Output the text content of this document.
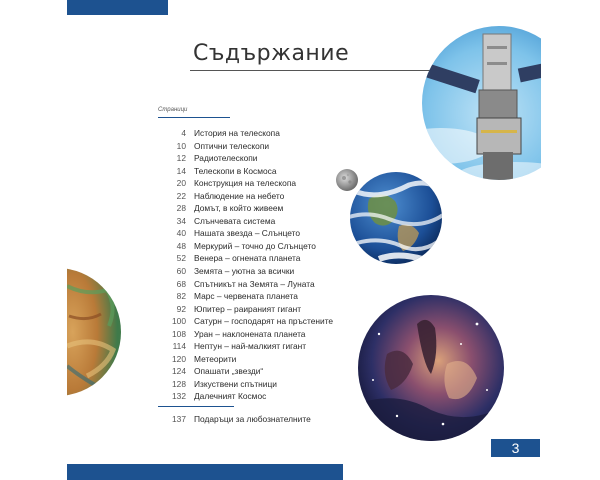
3
Съдържание
Страници
4 История на телескопа
10 Оптични телескопи
12 Радиотелескопи
14 Телескопи в Космоса
20 Конструкция на телескопа
22 Наблюдение на небето
28 Домът, в който живеем
34 Слънчевата система
40 Нашата звезда – Слънцето
48 Меркурий – точно до Слънцето
52 Венера – огнената планета
60 Земята – уютна за всички
68 Спътникът на Земята – Луната
82 Марс – червената планета
92 Юпитер – раираният гигант
100 Сатурн – господарят на пръстените
108 Уран – наклонената планета
114 Нептун – най-малкият гигант
120 Метеорити
124 Опашати „звезди“
128 Изкуствени спътници
132 Далечният Космос
137 Подаръци за любознателните
